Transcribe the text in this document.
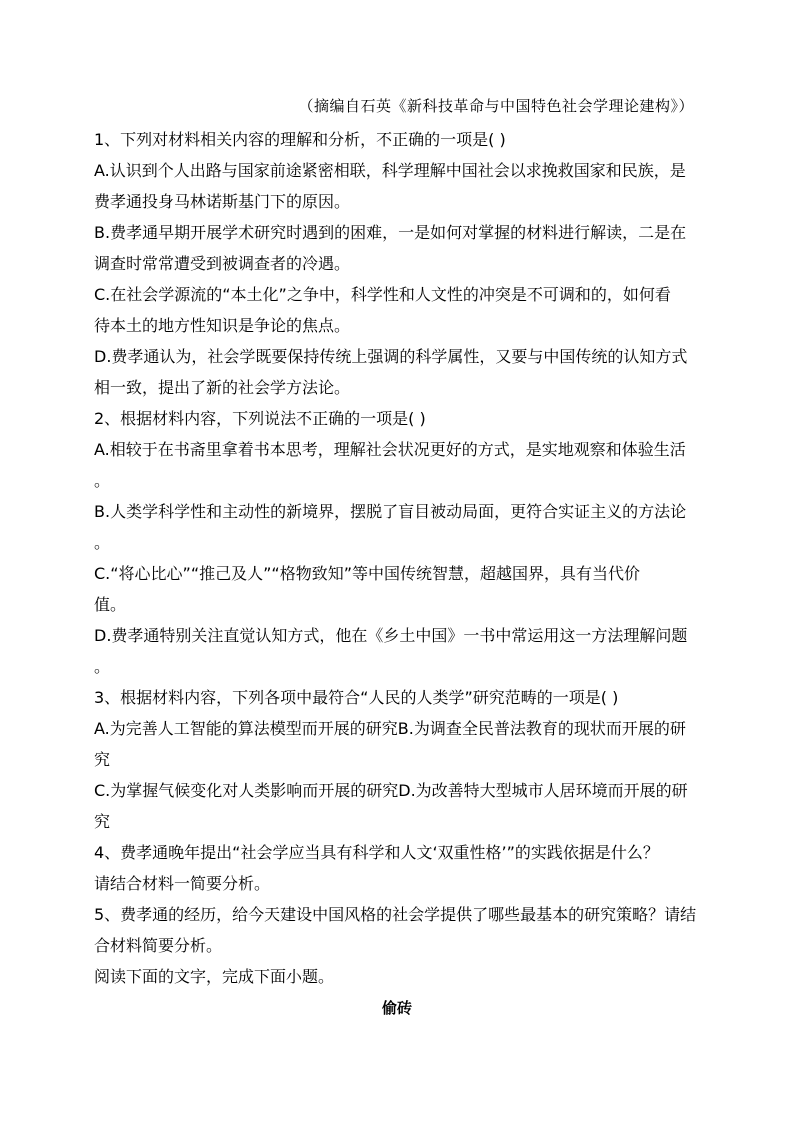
（摘编自石英《新科技革命与中国特色社会学理论建构》）
1、下列对材料相关内容的理解和分析，不正确的一项是( )
A.认识到个人出路与国家前途紧密相联，科学理解中国社会以求挽救国家和民族，是
费孝通投身马林诺斯基门下的原因。
B.费孝通早期开展学术研究时遇到的困难，一是如何对掌握的材料进行解读，二是在
调查时常常遭受到被调查者的冷遇。
C.在社会学源流的“本土化”之争中，科学性和人文性的冲突是不可调和的，如何看
待本土的地方性知识是争论的焦点。
D.费孝通认为，社会学既要保持传统上强调的科学属性，又要与中国传统的认知方式
相一致，提出了新的社会学方法论。
2、根据材料内容，下列说法不正确的一项是( )
A.相较于在书斋里拿着书本思考，理解社会状况更好的方式，是实地观察和体验生活
。
B.人类学科学性和主动性的新境界，摆脱了盲目被动局面，更符合实证主义的方法论
。
C.“将心比心”“推己及人”“格物致知”等中国传统智慧，超越国界，具有当代价
值。
D.费孝通特别关注直觉认知方式，他在《乡土中国》一书中常运用这一方法理解问题
。
3、根据材料内容，下列各项中最符合“人民的人类学”研究范畴的一项是( )
A.为完善人工智能的算法模型而开展的研究B.为调查全民普法教育的现状而开展的研
究
C.为掌握气候变化对人类影响而开展的研究D.为改善特大型城市人居环境而开展的研
究
4、费孝通晚年提出“社会学应当具有科学和人文‘双重性格’”的实践依据是什么？
请结合材料一简要分析。
5、费孝通的经历，给今天建设中国风格的社会学提供了哪些最基本的研究策略？请结
合材料简要分析。
阅读下面的文字，完成下面小题。
偷砖
